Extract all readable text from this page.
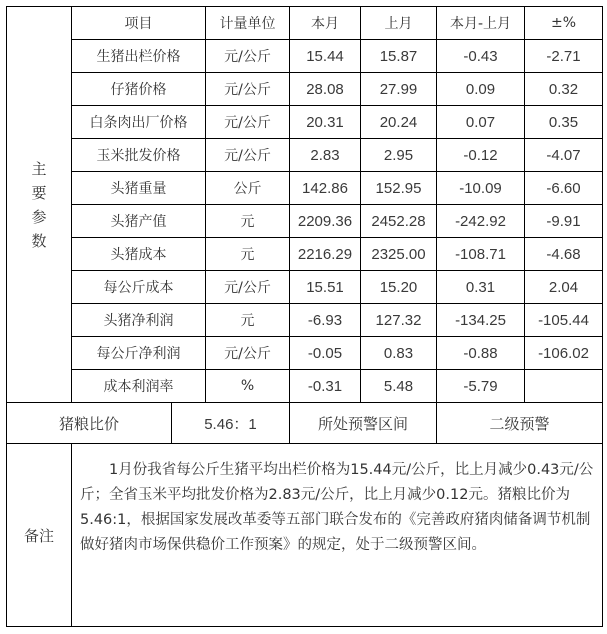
主
要
参
数	项目		计量单位	本月	上月	本月-上月	±%
	生猪出栏价格		元/公斤	15.44	15.87	-0.43	-2.71
	仔猪价格		元/公斤	28.08	27.99	0.09	0.32
	白条肉出厂价格		元/公斤	20.31	20.24	0.07	0.35
	玉米批发价格		元/公斤	2.83	2.95	-0.12	-4.07
	头猪重量		公斤	142.86	152.95	-10.09	-6.60
	头猪产值		元	2209.36	2452.28	-242.92	-9.91
	头猪成本		元	2216.29	2325.00	-108.71	-4.68
	每公斤成本		元/公斤	15.51	15.20	0.31	2.04
	头猪净利润		元	-6.93	127.32	-134.25	-105.44
	每公斤净利润		元/公斤	-0.05	0.83	-0.88	-106.02
	成本利润率		%	-0.31	5.48	-5.79	
猪粮比价		5.46：1		所处预警区间		二级预警	
备注	1月份我省每公斤生猪平均出栏价格为15.44元/公斤，比上月减少0.43元/公斤；全省玉米平均批发价格为2.83元/公斤，比上月减少0.12元。猪粮比价为5.46:1，根据国家发展改革委等五部门联合发布的《完善政府猪肉储备调节机制做好猪肉市场保供稳价工作预案》的规定，处于二级预警区间。						
